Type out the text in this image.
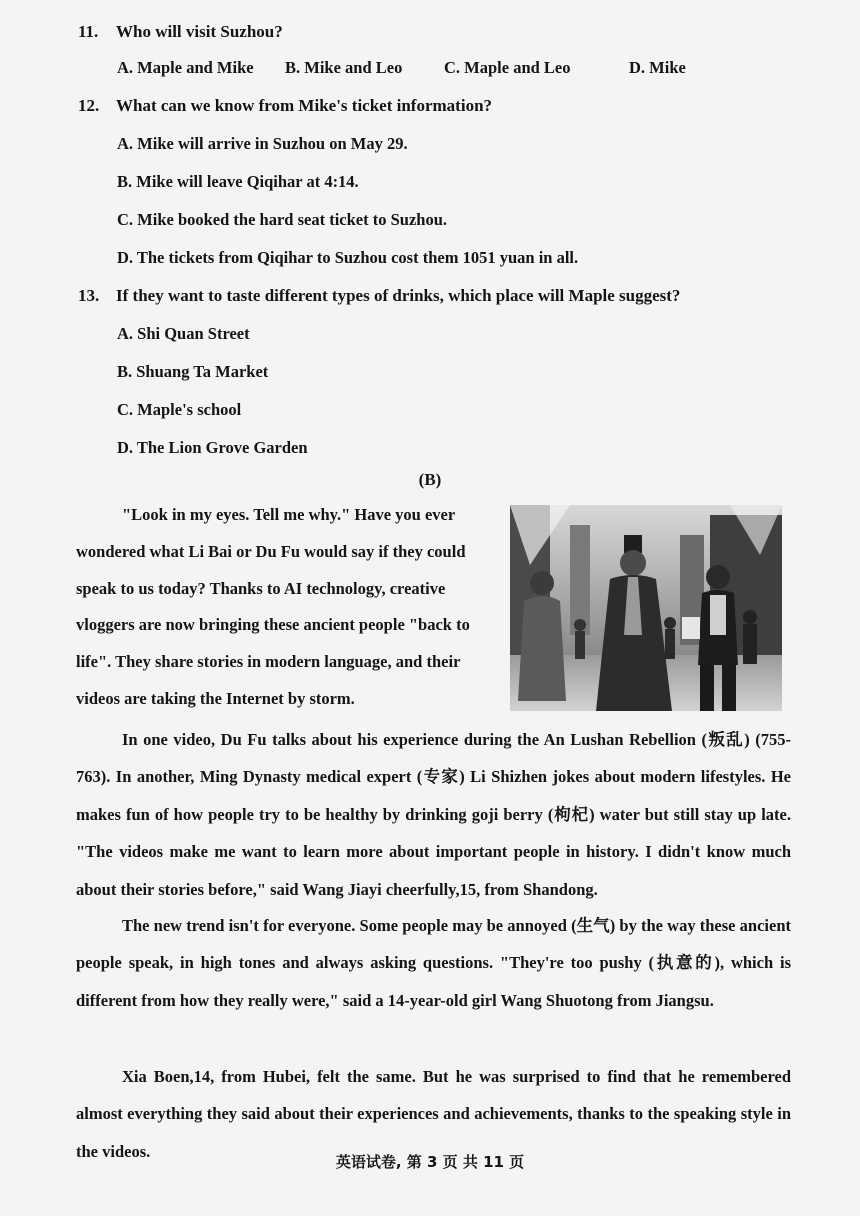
11. Who will visit Suzhou?
A. Maple and Mike B. Mike and Leo	C. Maple and Leo	D. Mike
12. What can we know from Mike's ticket information?
A. Mike will arrive in Suzhou on May 29.
B. Mike will leave Qiqihar at 4:14.
C. Mike booked the hard seat ticket to Suzhou.
D. The tickets from Qiqihar to Suzhou cost them 1051 yuan in all.
13. If they want to taste different types of drinks, which place will Maple suggest?
A. Shi Quan Street
B. Shuang Ta Market
C. Maple's school
D. The Lion Grove Garden
(B)
"Look in my eyes. Tell me why." Have you ever
wondered what Li Bai or Du Fu would say if they could
speak to us today? Thanks to AI technology, creative
vloggers are now bringing these ancient people "back to
life". They share stories in modern language, and their
videos are taking the Internet by storm.
In one video, Du Fu talks about his experience during the An Lushan Rebellion (叛乱) (755-763). In another, Ming Dynasty medical expert (专家) Li Shizhen jokes about modern lifestyles. He makes fun of how people try to be healthy by drinking goji berry (枸杞) water but still stay up late. "The videos make me want to learn more about important people in history. I didn't know much about their stories before," said Wang Jiayi cheerfully,15, from Shandong.
The new trend isn't for everyone. Some people may be annoyed (生气) by the way these ancient people speak, in high tones and always asking questions. "They're too pushy (执意的), which is different from how they really were," said a 14-year-old girl Wang Shuotong from Jiangsu.
Xia Boen,14, from Hubei, felt the same. But he was surprised to find that he remembered almost everything they said about their experiences and achievements, thanks to the speaking style in the videos.
英语试卷, 第 3 页 共 11 页
